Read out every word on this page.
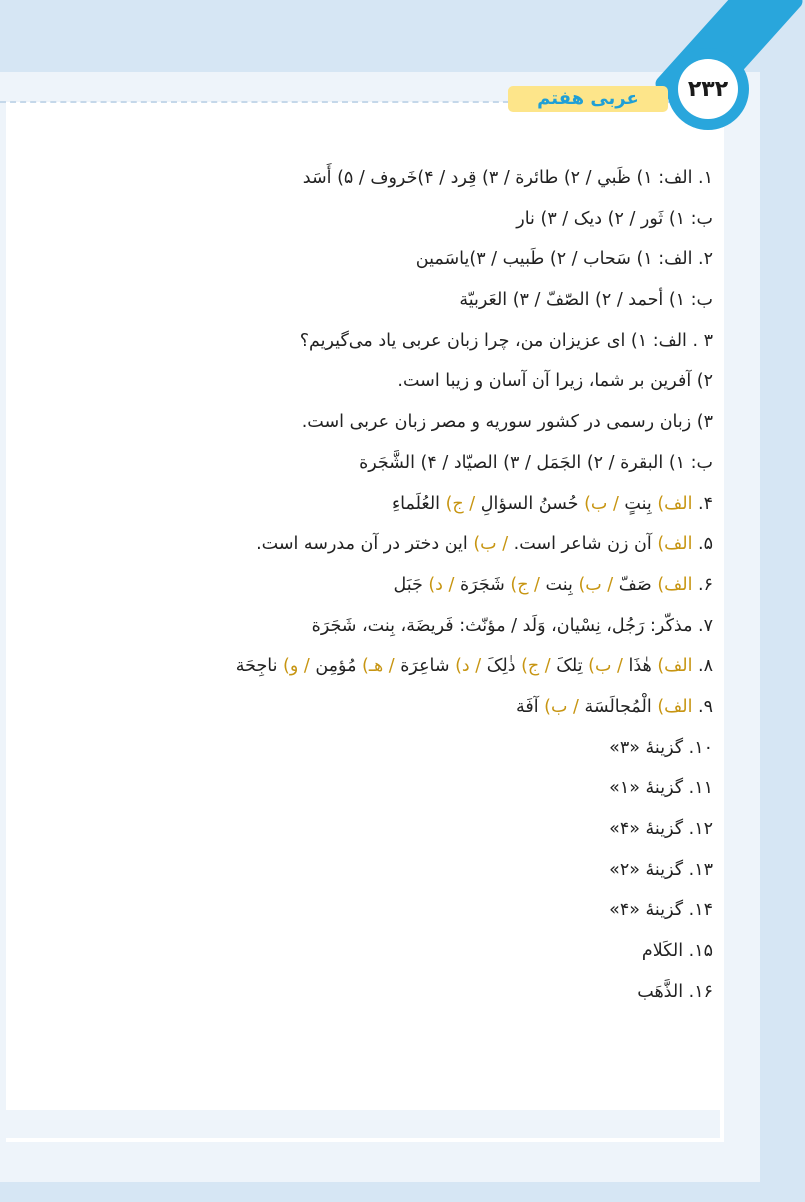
۲۳۲
عربی هفتم
۱. الف: ۱) ظَبي / ۲) طائرة / ۳) قِرد / ۴)خَروف / ۵) أَسَد
ب: ۱) ثَور / ۲) دیک / ۳) نار
۲. الف: ۱) سَحاب / ۲) طَبیب / ۳)یاسَمین
ب: ۱) أحمد / ۲) الصّفّ / ۳) العَربیّة
۳ . الف: ۱) ای عزیزان من، چرا زبان عربی یاد می‌گیریم؟
۲) آفرین بر شما، زیرا آن آسان و زیبا است.
۳) زبان رسمی در کشور سوریه و مصر زبان عربی است.
ب: ۱) البقرة / ۲) الجَمَل / ۳) الصیّاد / ۴) الشَّجَرة
۴. الف) بِنتٍ / ب) حُسنُ السؤالِ / ج) العُلَماءِ
۵. الف) آن زن شاعر است. / ب) این دختر در آن مدرسه است.
۶. الف) صَفّ / ب) بِنت / ج) شَجَرَة / د) جَبَل
۷. مذکّر: رَجُل، نِسْیان، وَلَد / مؤنّث: فَریضَة، بِنت، شَجَرَة
۸. الف) هٰذَا / ب) تِلکَ / ج) ذٰلِکَ / د) شاعِرَة / هـ) مُؤمِن / و) ناجِحَة
۹. الف) الْمُجالَسَة / ب) آفَة
۱۰. گزینهٔ «۳»
۱۱. گزینهٔ «۱»
۱۲. گزینهٔ «۴»
۱۳. گزینهٔ «۲»
۱۴. گزینهٔ «۴»
۱۵. الکَلام
۱۶. الذَّهَب
